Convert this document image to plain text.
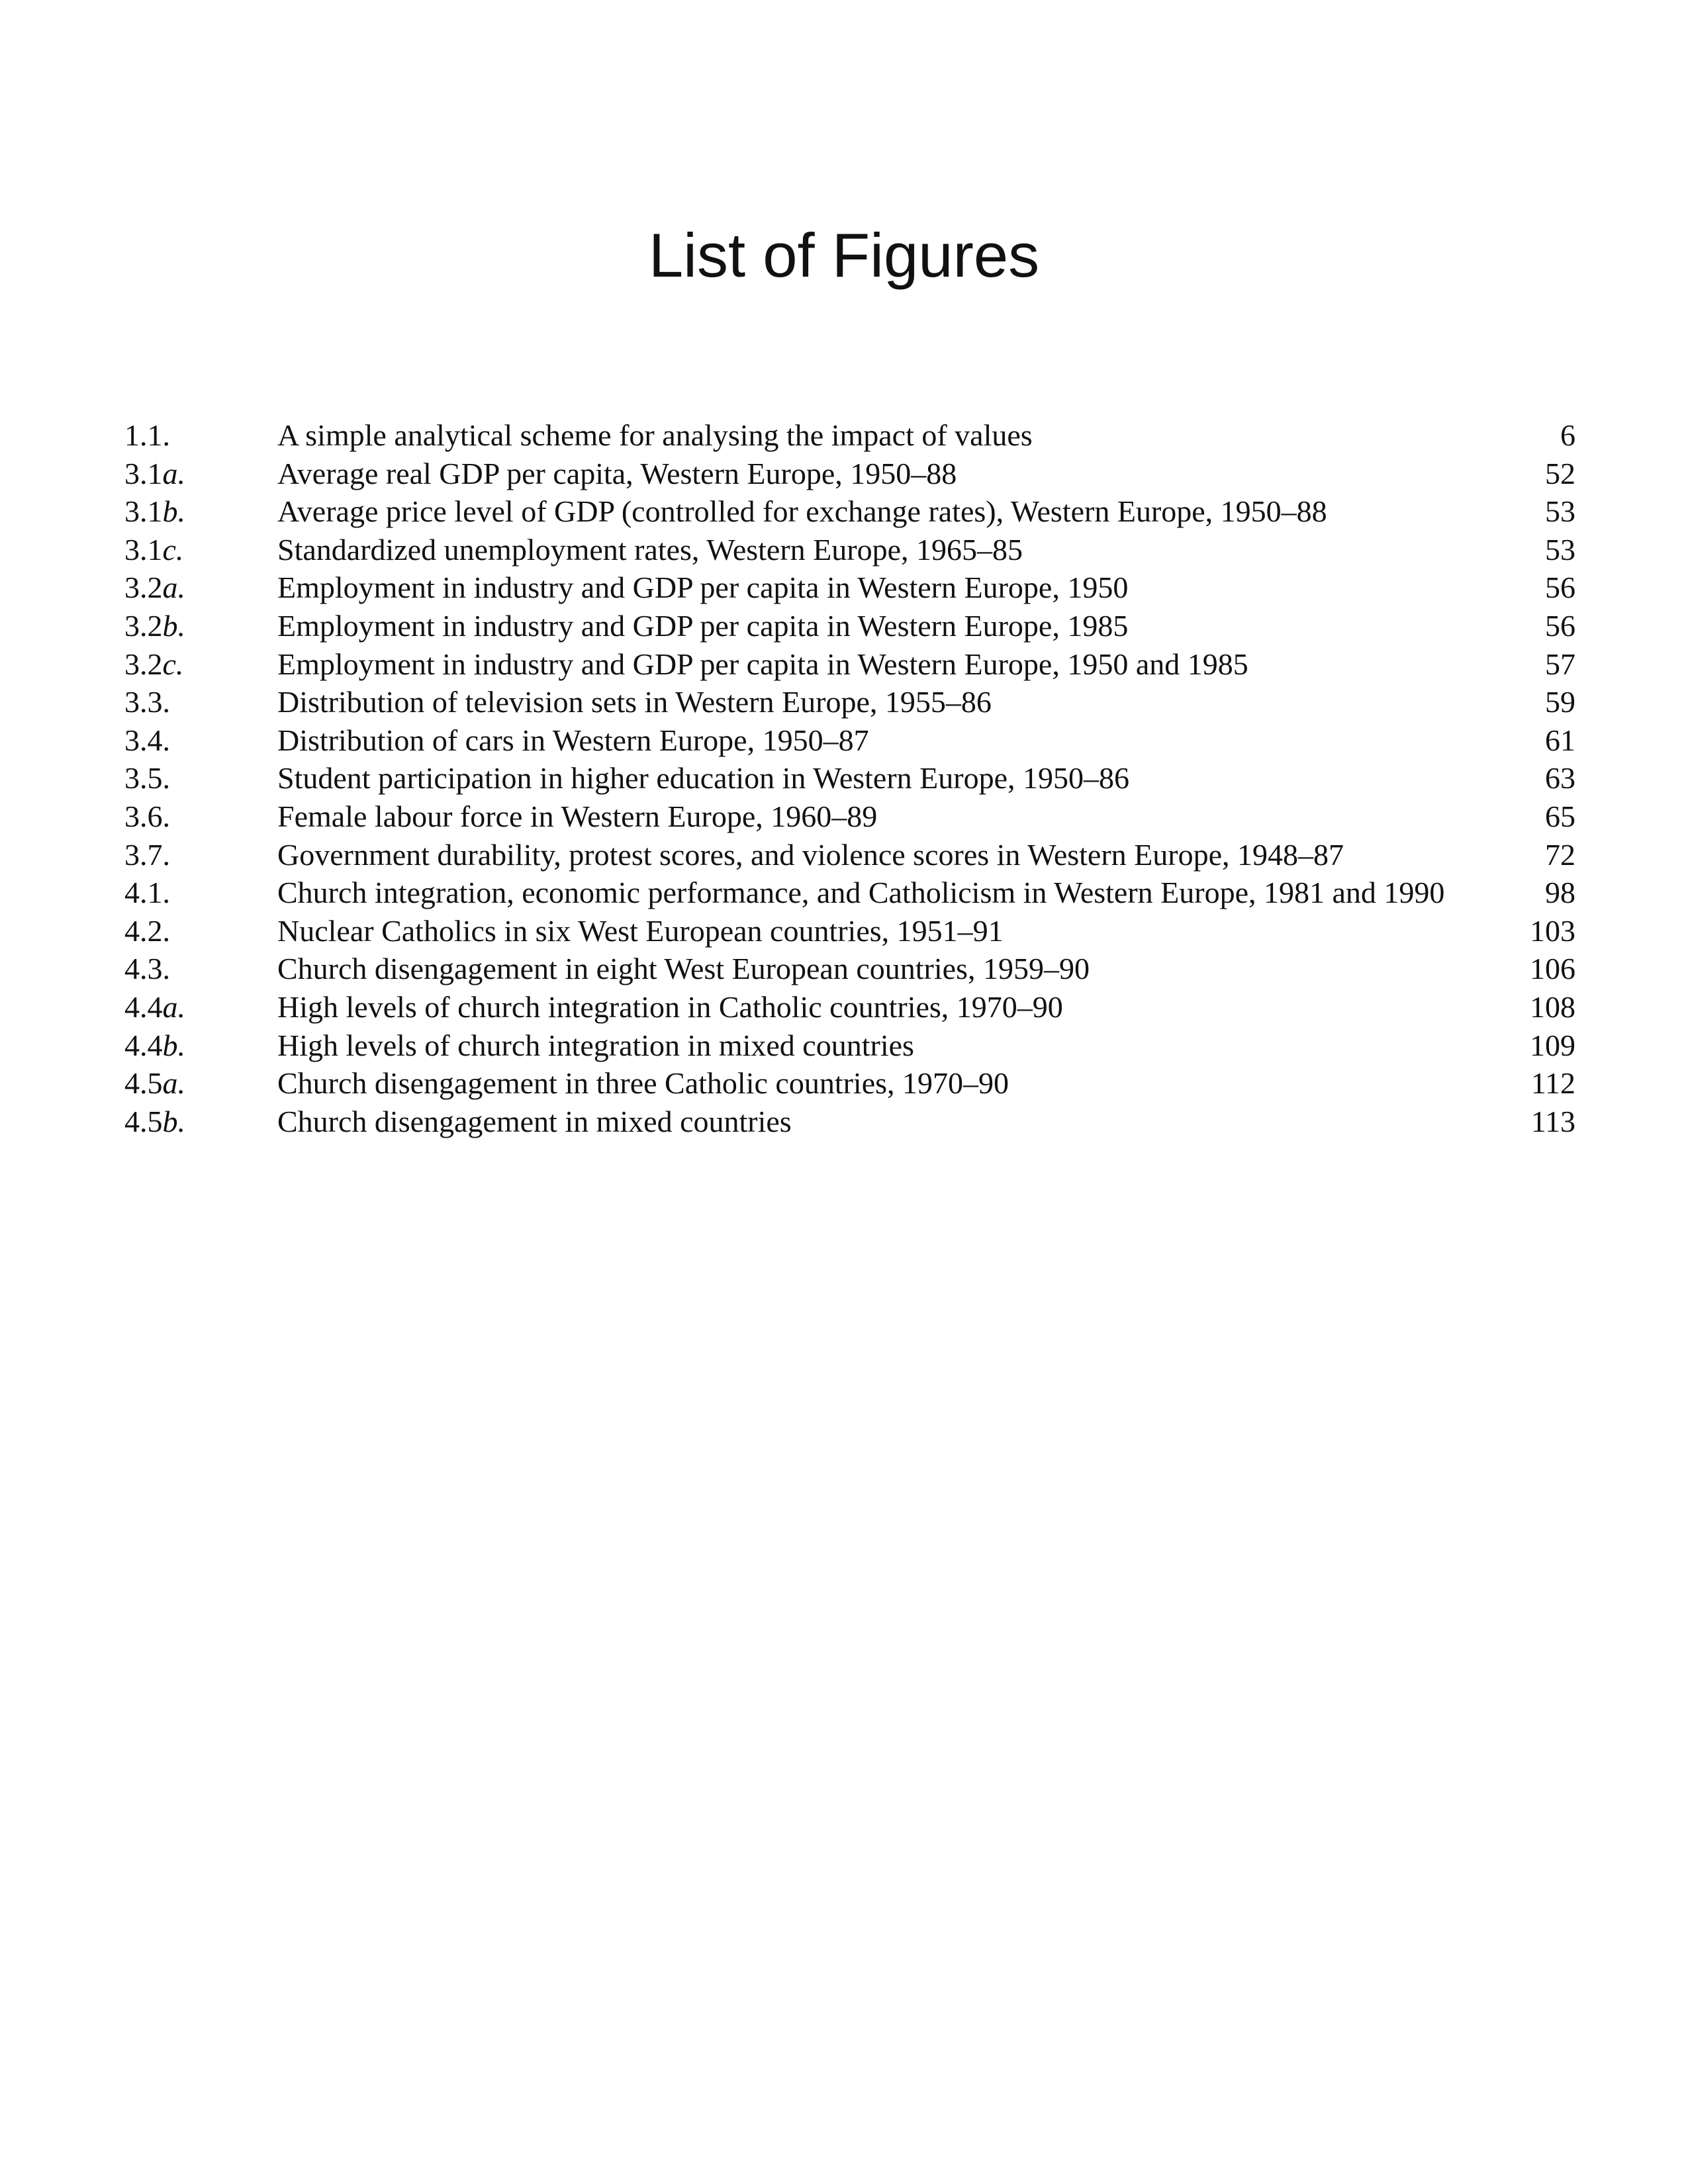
List of Figures
1.1.	A simple analytical scheme for analysing the impact of values	6
3.1a.	Average real GDP per capita, Western Europe, 1950–88	52
3.1b.	Average price level of GDP (controlled for exchange rates), Western Europe, 1950–88	53
3.1c.	Standardized unemployment rates, Western Europe, 1965–85	53
3.2a.	Employment in industry and GDP per capita in Western Europe, 1950	56
3.2b.	Employment in industry and GDP per capita in Western Europe, 1985	56
3.2c.	Employment in industry and GDP per capita in Western Europe, 1950 and 1985	57
3.3.	Distribution of television sets in Western Europe, 1955–86	59
3.4.	Distribution of cars in Western Europe, 1950–87	61
3.5.	Student participation in higher education in Western Europe, 1950–86	63
3.6.	Female labour force in Western Europe, 1960–89	65
3.7.	Government durability, protest scores, and violence scores in Western Europe, 1948–87	72
4.1.	Church integration, economic performance, and Catholicism in Western Europe, 1981 and 1990	98
4.2.	Nuclear Catholics in six West European countries, 1951–91	103
4.3.	Church disengagement in eight West European countries, 1959–90	106
4.4a.	High levels of church integration in Catholic countries, 1970–90	108
4.4b.	High levels of church integration in mixed countries	109
4.5a.	Church disengagement in three Catholic countries, 1970–90	112
4.5b.	Church disengagement in mixed countries	113
